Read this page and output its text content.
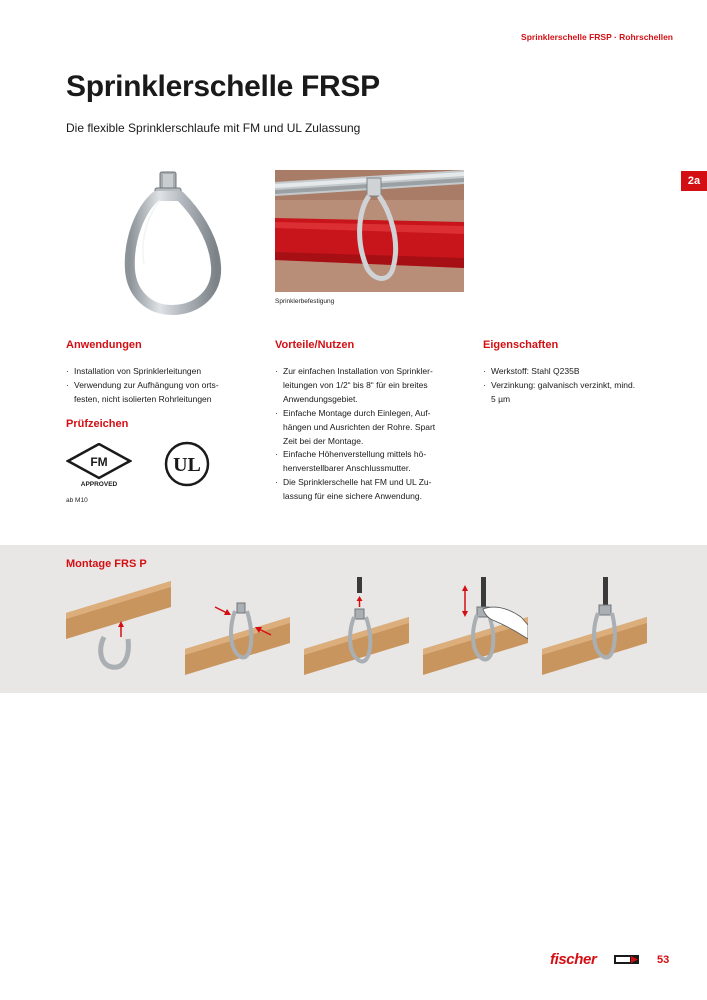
Sprinklerschelle FRSP · Rohrschellen
Sprinklerschelle FRSP

Die flexible Sprinklerschlaufe mit FM und UL Zulassung

2a
Sprinklerbefestigung
Anwendungen
· Installation von Sprinklerleitungen
· Verwendung zur Aufhängung von orts-
festen, nicht isolierten Rohrleitungen
Vorteile/Nutzen
· Zur einfachen Installation von Sprinkler-
leitungen von 1/2“ bis 8“ für ein breites
Anwendungsgebiet.
· Einfache Montage durch Einlegen, Auf-
hängen und Ausrichten der Rohre. Spart
Zeit bei der Montage.
· Einfache Höhenverstellung mittels hö-
henverstellbarer Anschlussmutter.
· Die Sprinklerschelle hat FM und UL Zu-
lassung für eine sichere Anwendung.
Eigenschaften
· Werkstoff: Stahl Q235B
· Verzinkung: galvanisch verzinkt, mind.
5 µm
Prüfzeichen
FM
APPROVED
UL
ab M10
Montage FRS P
fischer	53
